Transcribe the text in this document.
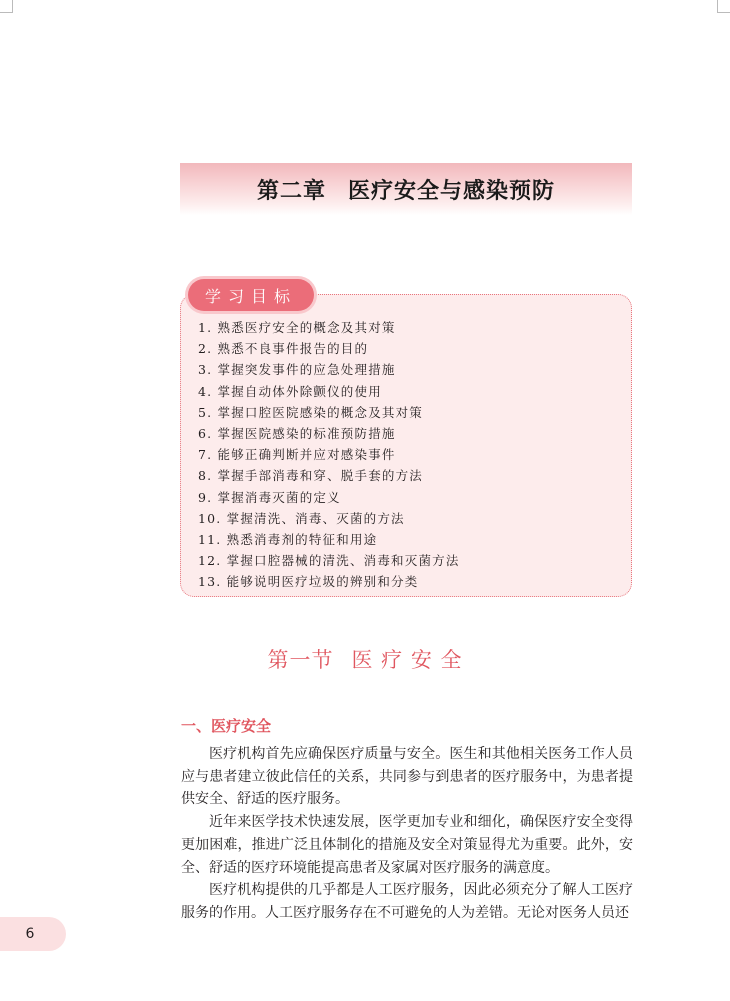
第二章 医疗安全与感染预防
学习目标
1. 熟悉医疗安全的概念及其对策
2. 熟悉不良事件报告的目的
3. 掌握突发事件的应急处理措施
4. 掌握自动体外除颤仪的使用
5. 掌握口腔医院感染的概念及其对策
6. 掌握医院感染的标准预防措施
7. 能够正确判断并应对感染事件
8. 掌握手部消毒和穿、脱手套的方法
9. 掌握消毒灭菌的定义
10. 掌握清洗、消毒、灭菌的方法
11. 熟悉消毒剂的特征和用途
12. 掌握口腔器械的清洗、消毒和灭菌方法
13. 能够说明医疗垃圾的辨别和分类
第一节 医 疗 安 全
一、医疗安全

医疗机构首先应确保医疗质量与安全。医生和其他相关医务工作人员应与患者建立彼此信任的关系，共同参与到患者的医疗服务中，为患者提供安全、舒适的医疗服务。

近年来医学技术快速发展，医学更加专业和细化，确保医疗安全变得更加困难，推进广泛且体制化的措施及安全对策显得尤为重要。此外，安全、舒适的医疗环境能提高患者及家属对医疗服务的满意度。

医疗机构提供的几乎都是人工医疗服务，因此必须充分了解人工医疗服务的作用。人工医疗服务存在不可避免的人为差错。无论对医务人员还

6
